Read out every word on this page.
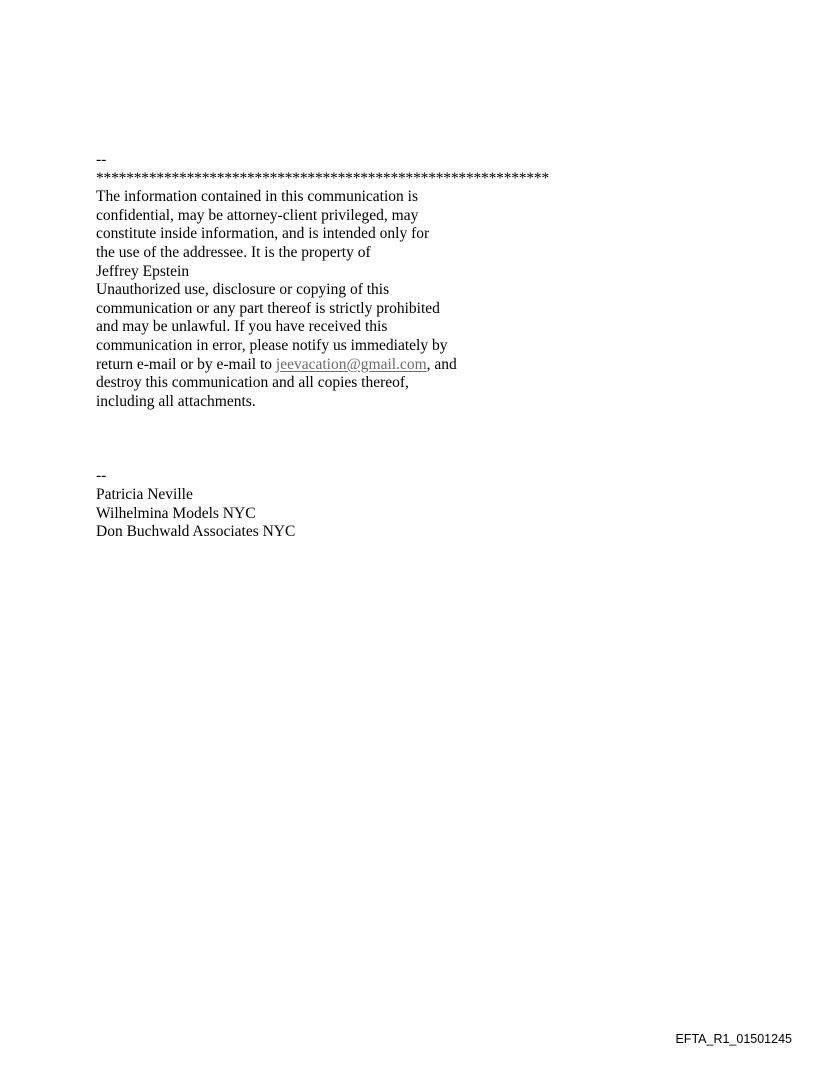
--
************************************************************
The information contained in this communication is
confidential, may be attorney-client privileged, may
constitute inside information, and is intended only for
the use of the addressee. It is the property of
Jeffrey Epstein
Unauthorized use, disclosure or copying of this
communication or any part thereof is strictly prohibited
and may be unlawful. If you have received this
communication in error, please notify us immediately by
return e-mail or by e-mail to jeevacation@gmail.com, and
destroy this communication and all copies thereof,
including all attachments.
--
Patricia Neville
Wilhelmina Models NYC
Don Buchwald Associates NYC
EFTA_R1_01501245
